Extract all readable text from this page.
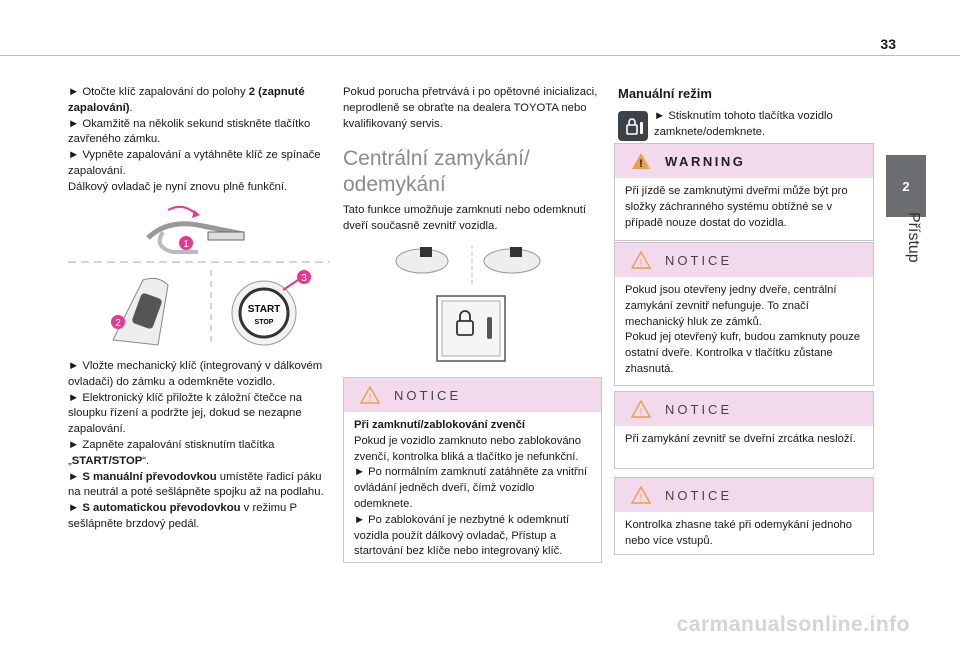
33
2
Přístup

► Otočte klíč zapalování do polohy 2 (zapnuté zapalování).

► Okamžitě na několik sekund stiskněte tlačítko zavřeného zámku.

► Vypněte zapalování a vytáhněte klíč ze spínače zapalování.

Dálkový ovladač je nyní znovu plně funkční.

1
2
START
STOP
3

► Vložte mechanický klíč (integrovaný v dálkovém ovladači) do zámku a odemkněte vozidlo.

► Elektronický klíč přiložte k záložní čtečce na sloupku řízení a podržte jej, dokud se nezapne zapalování.

► Zapněte zapalování stisknutím tlačítka „START/STOP“.

► S manuální převodovkou umístěte řadicí páku na neutrál a poté sešlápněte spojku až na podlahu.

► S automatickou převodovkou v režimu P sešlápněte brzdový pedál.

Pokud porucha přetrvává i po opětovné inicializaci, neprodleně se obraťte na dealera TOYOTA nebo kvalifikovaný servis.
Centrální zamykání/ odemykání
Tato funkce umožňuje zamknutí nebo odemknutí dveří současně zevnitř vozidla.
! NOTICE

Při zamknutí/zablokování zvenčí

Pokud je vozidlo zamknuto nebo zablokováno zvenčí, kontrolka bliká a tlačítko je nefunkční.

► Po normálním zamknutí zatáhněte za vnitřní ovládání jedněch dveří, čímž vozidlo odemknete.

► Po zablokování je nezbytné k odemknutí vozidla použít dálkový ovladač, Přístup a startování bez klíče nebo integrovaný klíč.

Manuální režim
► Stisknutím tohoto tlačítka vozidlo zamknete/odemknete.
! WARNING

Při jízdě se zamknutými dveřmi může být pro složky záchranného systému obtížné se v případě nouze dostat do vozidla.

! NOTICE

Pokud jsou otevřeny jedny dveře, centrální zamykání zevnitř nefunguje. To značí mechanický hluk ze zámků.

Pokud jej otevřený kufr, budou zamknuty pouze ostatní dveře. Kontrolka v tlačítku zůstane zhasnutá.

! NOTICE

Při zamykání zevnitř se dveřní zrcátka nesloží.

! NOTICE

Kontrolka zhasne také při odemykání jednoho nebo více vstupů.

carmanualsonline.info
